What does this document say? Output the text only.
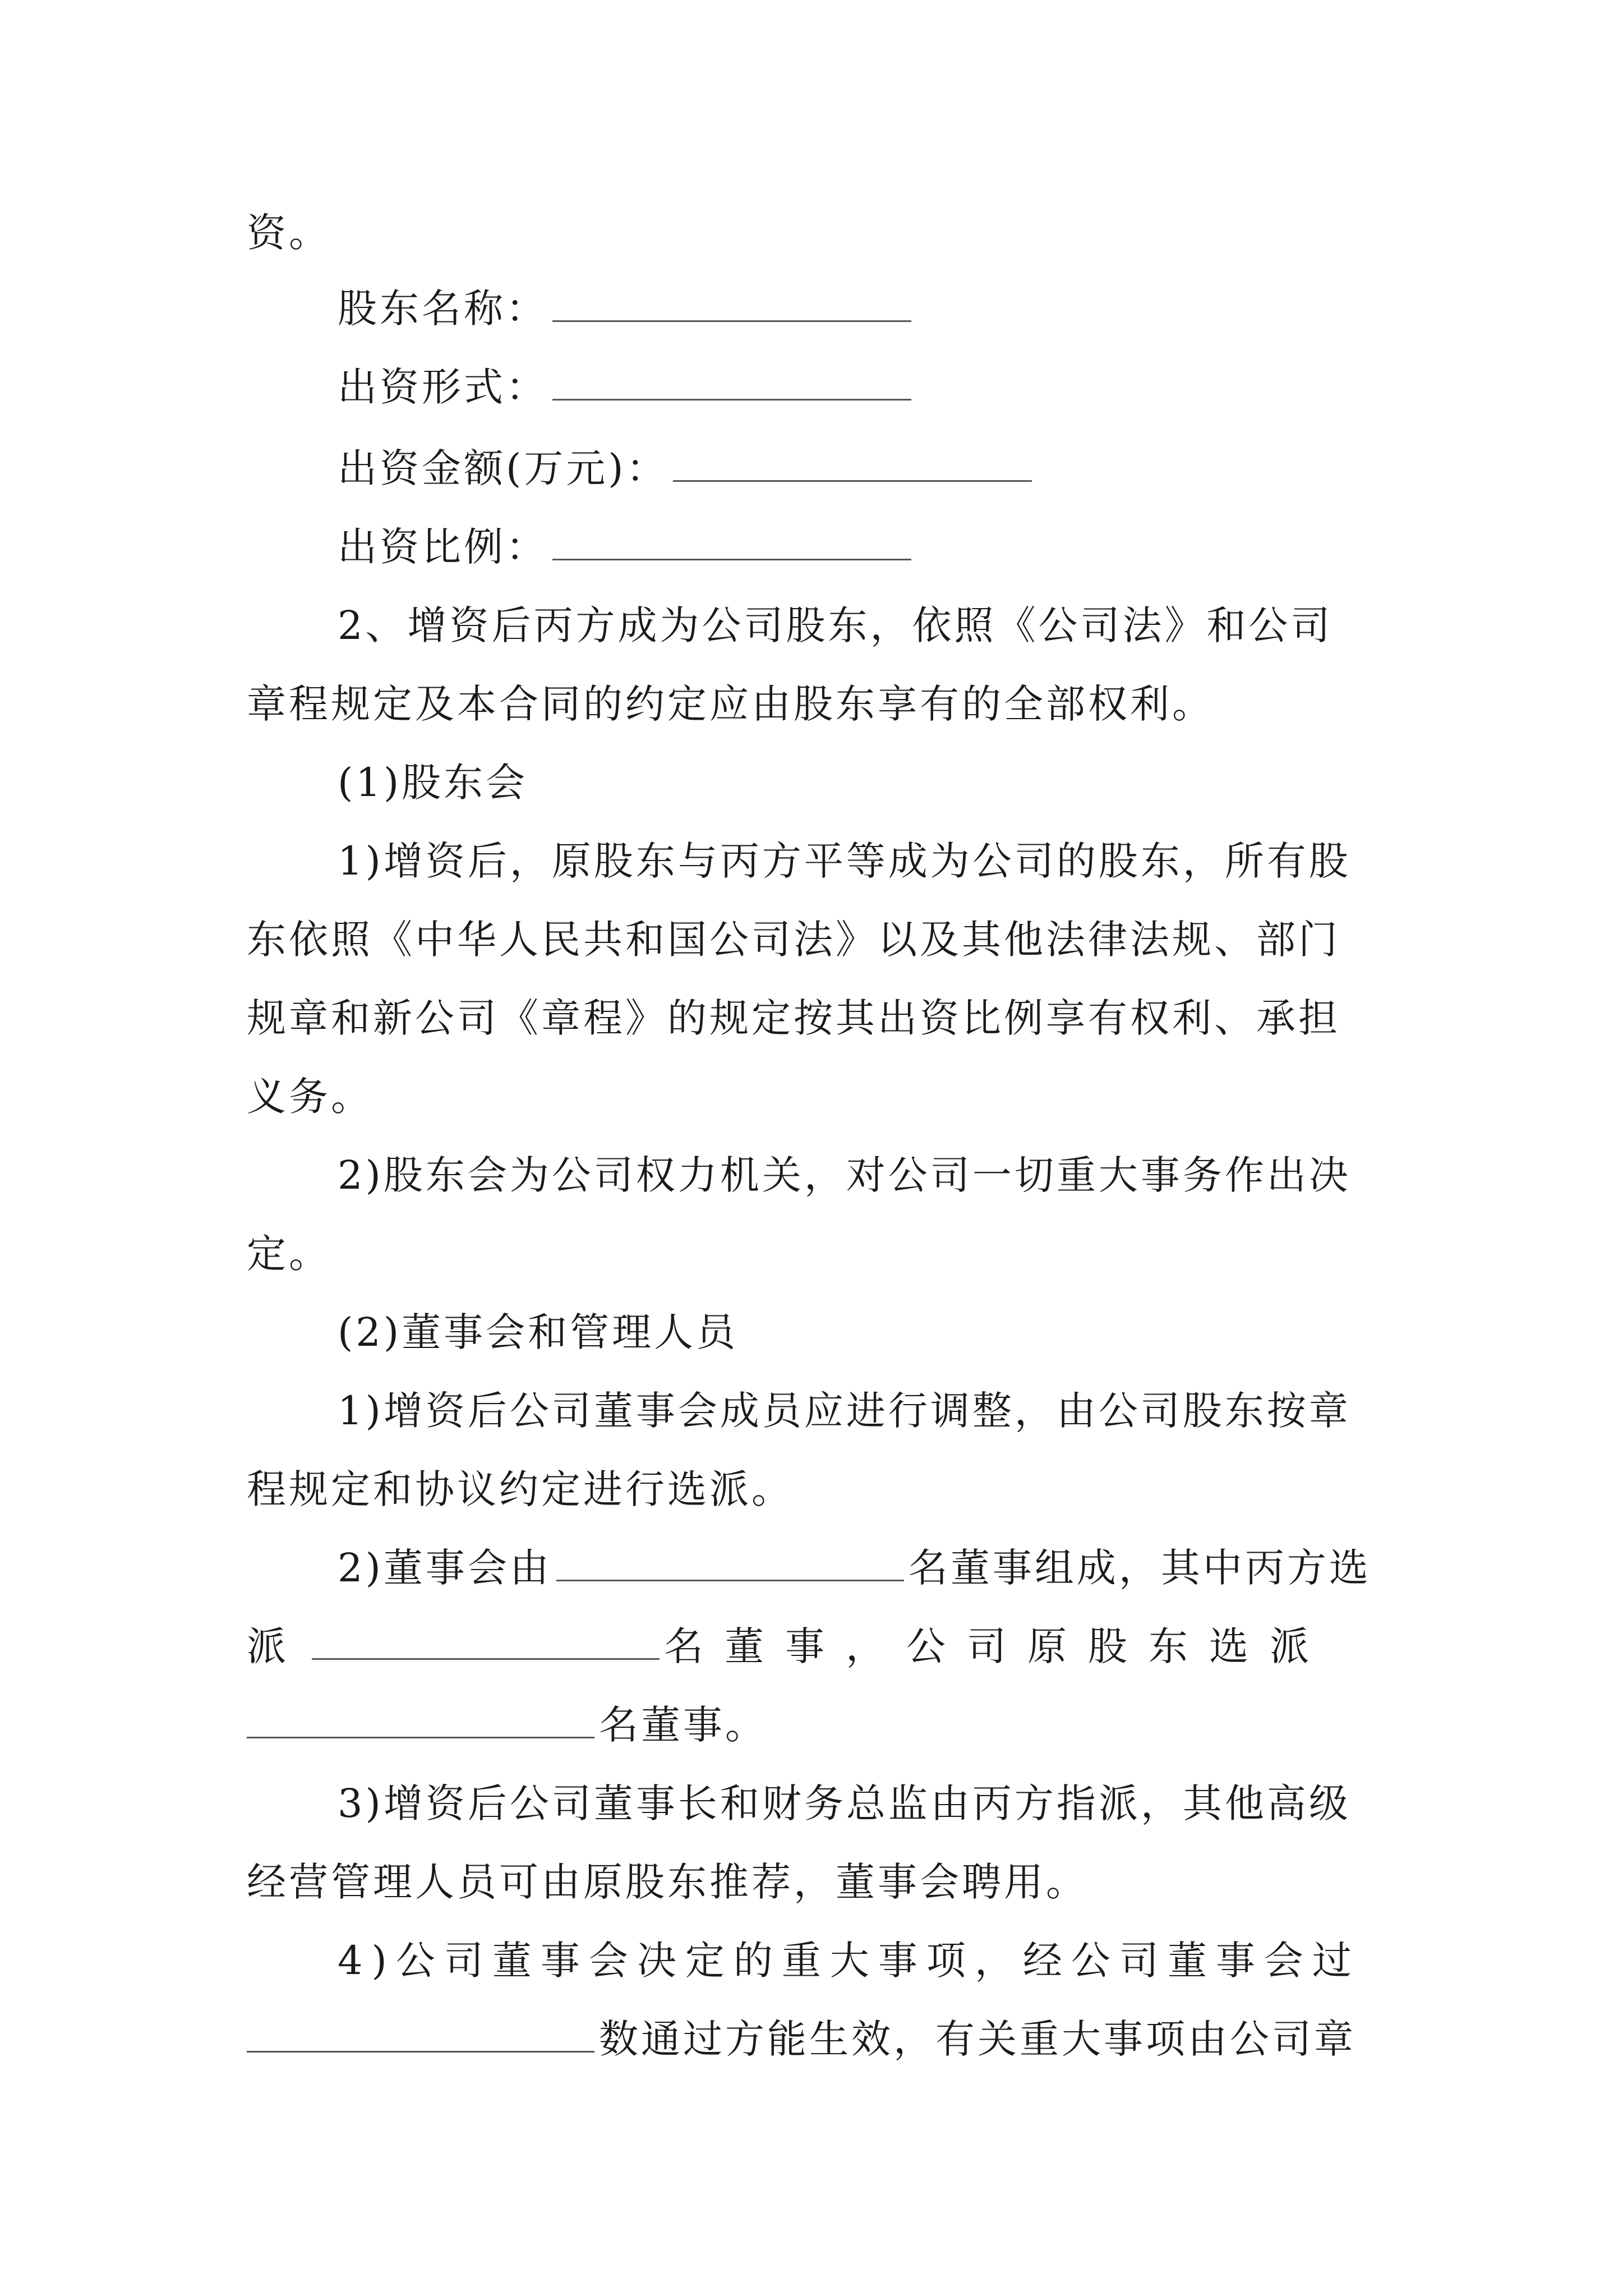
资。
股东名称：
出资形式：
出资金额(万元)：
出资比例：
2、增资后丙方成为公司股东，依照《公司法》和公司
章程规定及本合同的约定应由股东享有的全部权利。
(1)股东会
1)增资后，原股东与丙方平等成为公司的股东，所有股
东依照《中华人民共和国公司法》以及其他法律法规、部门
规章和新公司《章程》的规定按其出资比例享有权利、承担
义务。
2)股东会为公司权力机关，对公司一切重大事务作出决
定。
(2)董事会和管理人员
1)增资后公司董事会成员应进行调整，由公司股东按章
程规定和协议约定进行选派。
2)董事会由	名董事组成，其中丙方选
派	名董事，公司原股东选派
名董事。
3)增资后公司董事长和财务总监由丙方指派，其他高级
经营管理人员可由原股东推荐，董事会聘用。
4)公司董事会决定的重大事项，经公司董事会过
数通过方能生效，有关重大事项由公司章
